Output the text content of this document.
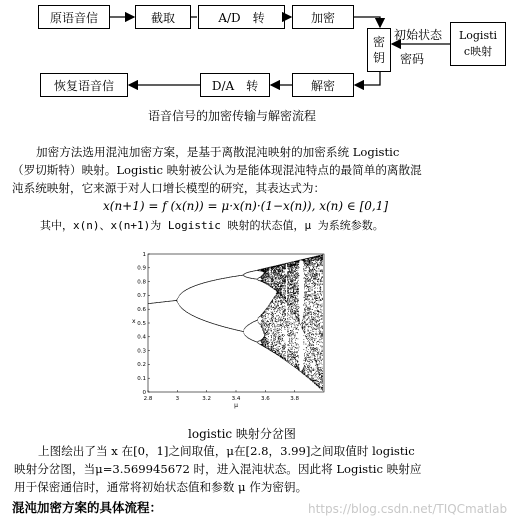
原语音信	截取	A/D　转	加密
恢复语音信	D/A　转	解密
密
钥
初始状态
密码
Logisti
c映射
语音信号的加密传输与解密流程
加密方法选用混沌加密方案，是基于离散混沌映射的加密系统 Logistic（罗切斯特）映射。Logistic 映射被公认为是能体现混沌特点的最简单的离散混沌系统映射，它来源于对人口增长模型的研究，其表达式为：
x(n+1) = f (x(n)) = μ·x(n)·(1−x(n)), x(n) ∈ [0,1]
其中，x(n)、x(n+1)为 Logistic 映射的状态值，μ 为系统参数。
2.8	3	3.2	3.4	3.6	3.8
0
0.1
0.2
0.3
0.4
0.5
0.6
0.7
0.8
0.9
1
μ
x
logistic 映射分岔图
上图绘出了当 x 在[0，1]之间取值，μ在[2.8，3.99]之间取值时 logistic 映射分岔图，当μ=3.569945672 时，进入混沌状态。因此将 Logistic 映射应用于保密通信时，通常将初始状态值和参数 μ 作为密钥。
混沌加密方案的具体流程：	https://blog.csdn.net/TIQCmatlab
